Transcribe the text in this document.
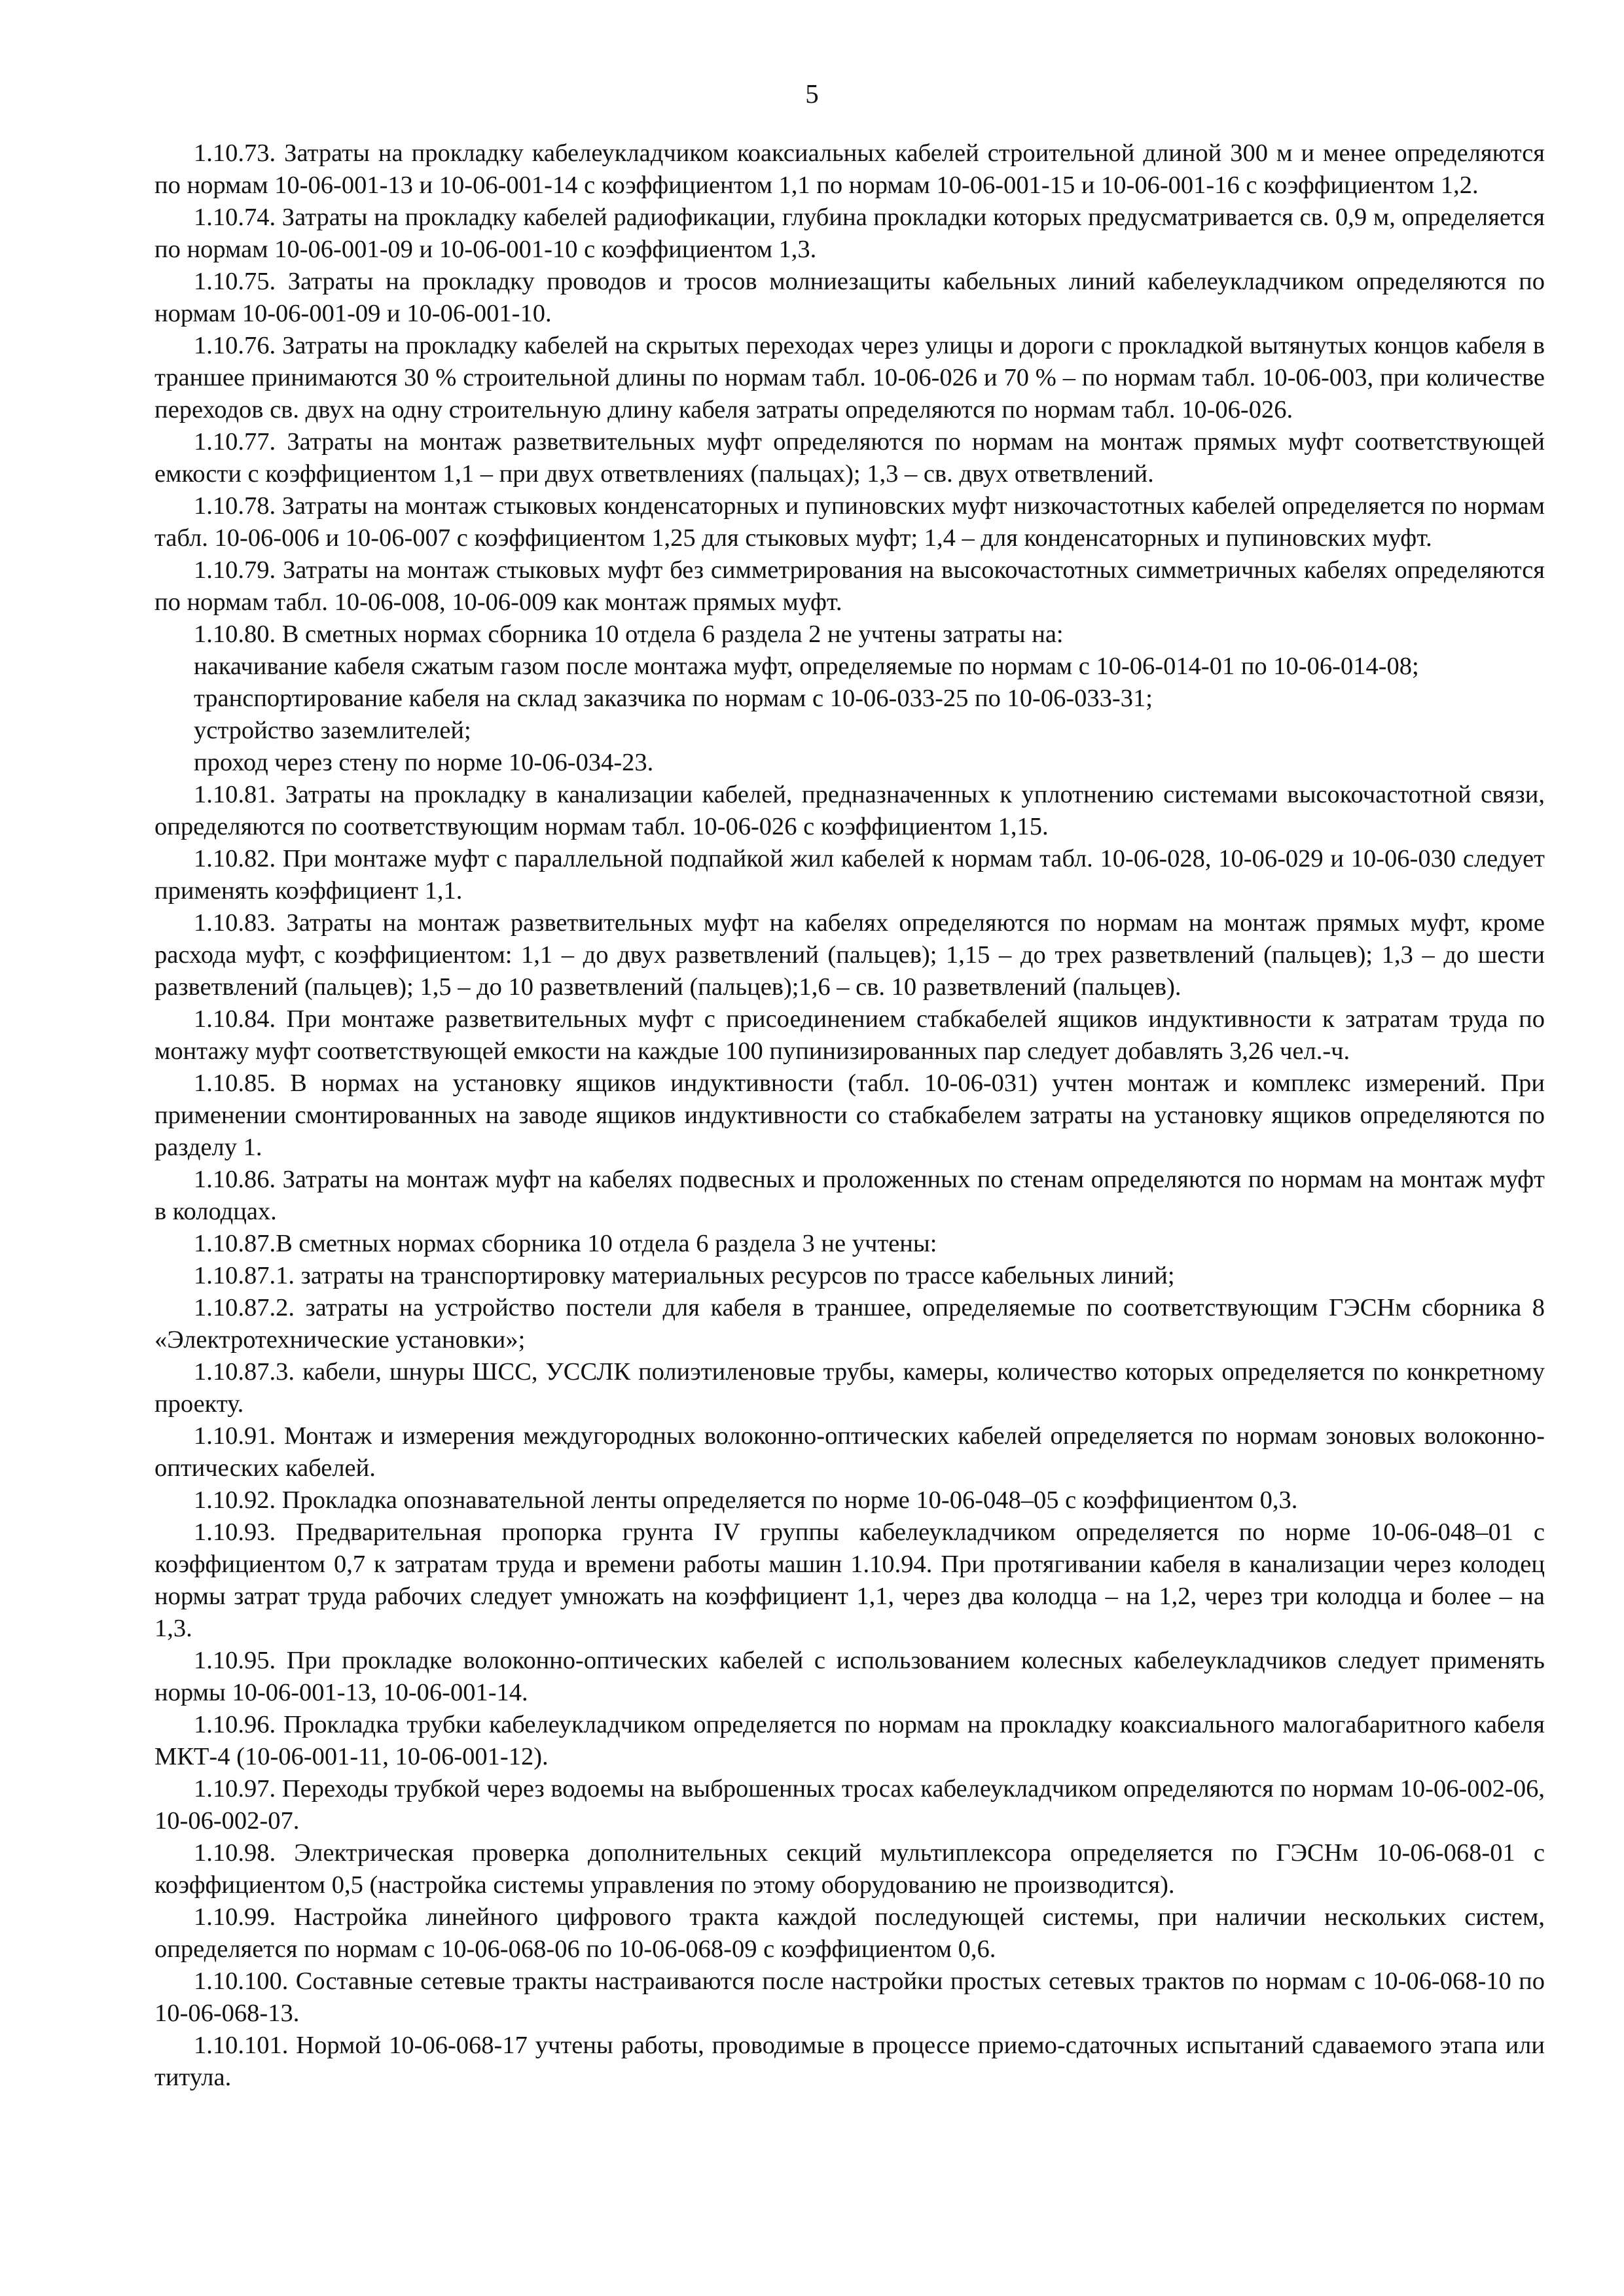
5

1.10.73. Затраты на прокладку кабелеукладчиком коаксиальных кабелей строительной длиной 300 м и менее определяются по нормам 10-06-001-13 и 10-06-001-14 с коэффициентом 1,1 по нормам 10-06-001-15 и 10-06-001-16 с коэффициентом 1,2.

1.10.74. Затраты на прокладку кабелей радиофикации, глубина прокладки которых предусматривается св. 0,9 м, определяется по нормам 10-06-001-09 и 10-06-001-10 с коэффициентом 1,3.

1.10.75. Затраты на прокладку проводов и тросов молниезащиты кабельных линий кабелеукладчиком определяются по нормам 10-06-001-09 и 10-06-001-10.

1.10.76. Затраты на прокладку кабелей на скрытых переходах через улицы и дороги с прокладкой вытянутых концов кабеля в траншее принимаются 30 % строительной длины по нормам табл. 10-06-026 и 70 % – по нормам табл. 10-06-003, при количестве переходов св. двух на одну строительную длину кабеля затраты определяются по нормам табл. 10-06-026.

1.10.77. Затраты на монтаж разветвительных муфт определяются по нормам на монтаж прямых муфт соответствующей емкости с коэффициентом 1,1 – при двух ответвлениях (пальцах); 1,3 – св. двух ответвлений.

1.10.78. Затраты на монтаж стыковых конденсаторных и пупиновских муфт низкочастотных кабелей определяется по нормам табл. 10-06-006 и 10-06-007 с коэффициентом 1,25 для стыковых муфт; 1,4 – для конденсаторных и пупиновских муфт.

1.10.79. Затраты на монтаж стыковых муфт без симметрирования на высокочастотных симметричных кабелях определяются по нормам табл. 10-06-008, 10-06-009 как монтаж прямых муфт.

1.10.80. В сметных нормах сборника 10 отдела 6 раздела 2 не учтены затраты на:

накачивание кабеля сжатым газом после монтажа муфт, определяемые по нормам с 10-06-014-01 по 10-06-014-08;

транспортирование кабеля на склад заказчика по нормам с 10-06-033-25 по 10-06-033-31;

устройство заземлителей;

проход через стену по норме 10-06-034-23.

1.10.81. Затраты на прокладку в канализации кабелей, предназначенных к уплотнению системами высокочастотной связи, определяются по соответствующим нормам табл. 10-06-026 с коэффициентом 1,15.

1.10.82. При монтаже муфт с параллельной подпайкой жил кабелей к нормам табл. 10-06-028, 10-06-029 и 10-06-030 следует применять коэффициент 1,1.

1.10.83. Затраты на монтаж разветвительных муфт на кабелях определяются по нормам на монтаж прямых муфт, кроме расхода муфт, с коэффициентом: 1,1 – до двух разветвлений (пальцев); 1,15 – до трех разветвлений (пальцев); 1,3 – до шести разветвлений (пальцев); 1,5 – до 10 разветвлений (пальцев);1,6 – св. 10 разветвлений (пальцев).

1.10.84. При монтаже разветвительных муфт с присоединением стабкабелей ящиков индуктивности к затратам труда по монтажу муфт соответствующей емкости на каждые 100 пупинизированных пар следует добавлять 3,26 чел.-ч.

1.10.85. В нормах на установку ящиков индуктивности (табл. 10-06-031) учтен монтаж и комплекс измерений. При применении смонтированных на заводе ящиков индуктивности со стабкабелем затраты на установку ящиков определяются по разделу 1.

1.10.86. Затраты на монтаж муфт на кабелях подвесных и проложенных по стенам определяются по нормам на монтаж муфт в колодцах.

1.10.87.В сметных нормах сборника 10 отдела 6 раздела 3 не учтены:

1.10.87.1. затраты на транспортировку материальных ресурсов по трассе кабельных линий;

1.10.87.2. затраты на устройство постели для кабеля в траншее, определяемые по соответствующим ГЭСНм сборника 8 «Электротехнические установки»;

1.10.87.3. кабели, шнуры ШСС, УССЛК полиэтиленовые трубы, камеры, количество которых определяется по конкретному проекту.

1.10.91. Монтаж и измерения междугородных волоконно-оптических кабелей определяется по нормам зоновых волоконно-оптических кабелей.

1.10.92. Прокладка опознавательной ленты определяется по норме 10-06-048–05 с коэффициентом 0,3.

1.10.93. Предварительная пропорка грунта IV группы кабелеукладчиком определяется по норме 10-06-048–01 с коэффициентом 0,7 к затратам труда и времени работы машин 1.10.94. При протягивании кабеля в канализации через колодец нормы затрат труда рабочих следует умножать на коэффициент 1,1, через два колодца – на 1,2, через три колодца и более – на 1,3.

1.10.95. При прокладке волоконно-оптических кабелей с использованием колесных кабелеукладчиков следует применять нормы 10-06-001-13, 10-06-001-14.

1.10.96. Прокладка трубки кабелеукладчиком определяется по нормам на прокладку коаксиального малогабаритного кабеля МКТ-4 (10-06-001-11, 10-06-001-12).

1.10.97. Переходы трубкой через водоемы на выброшенных тросах кабелеукладчиком определяются по нормам 10-06-002-06, 10-06-002-07.

1.10.98. Электрическая проверка дополнительных секций мультиплексора определяется по ГЭСНм 10-06-068-01 с коэффициентом 0,5 (настройка системы управления по этому оборудованию не производится).

1.10.99. Настройка линейного цифрового тракта каждой последующей системы, при наличии нескольких систем, определяется по нормам с 10-06-068-06 по 10-06-068-09 с коэффициентом 0,6.

1.10.100. Составные сетевые тракты настраиваются после настройки простых сетевых трактов по нормам с 10-06-068-10 по 10-06-068-13.

1.10.101. Нормой 10-06-068-17 учтены работы, проводимые в процессе приемо-сдаточных испытаний сдаваемого этапа или титула.
